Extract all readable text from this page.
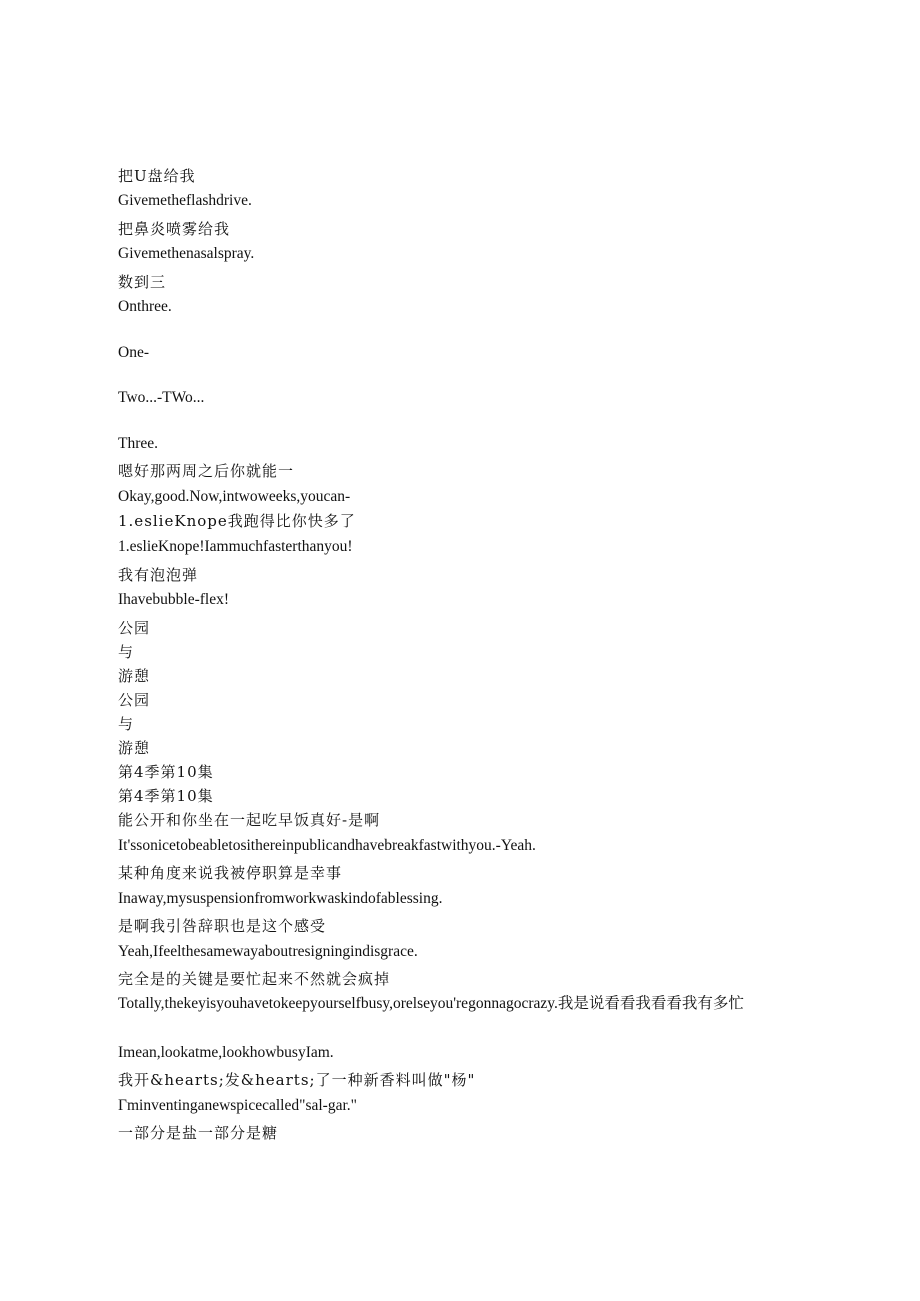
把U盘给我
Givemetheflashdrive.
把鼻炎喷雾给我
Givemethenasalspray.
数到三
Onthree.
One-
Two...-TWo...
Three.
嗯好那两周之后你就能一
Okay,good.Now,intwoweeks,youcan-
1.eslieKnope我跑得比你快多了
1.eslieKnope!Iammuchfasterthanyou!
我有泡泡弹
Ihavebubble-flex!
公园
与
游憩
公园
与
游憩
第4季第10集
第4季第10集
能公开和你坐在一起吃早饭真好-是啊
It'ssonicetobeabletosithereinpublicandhavebreakfastwithyou.-Yeah.
某种角度来说我被停职算是幸事
Inaway,mysuspensionfromworkwaskindofablessing.
是啊我引咎辞职也是这个感受
Yeah,Ifeelthesamewayaboutresigningindisgrace.
完全是的关键是要忙起来不然就会疯掉
Totally,thekeyisyouhavetokeepyourselfbusy,orelseyou'regonnagocrazy.我是说看看我看看我有多忙
Imean,lookatme,lookhowbusyIam.
我开&hearts;发&hearts;了一种新香料叫做"杨"
Γminventinganewspicecalled"sal-gar."
一部分是盐一部分是糖
